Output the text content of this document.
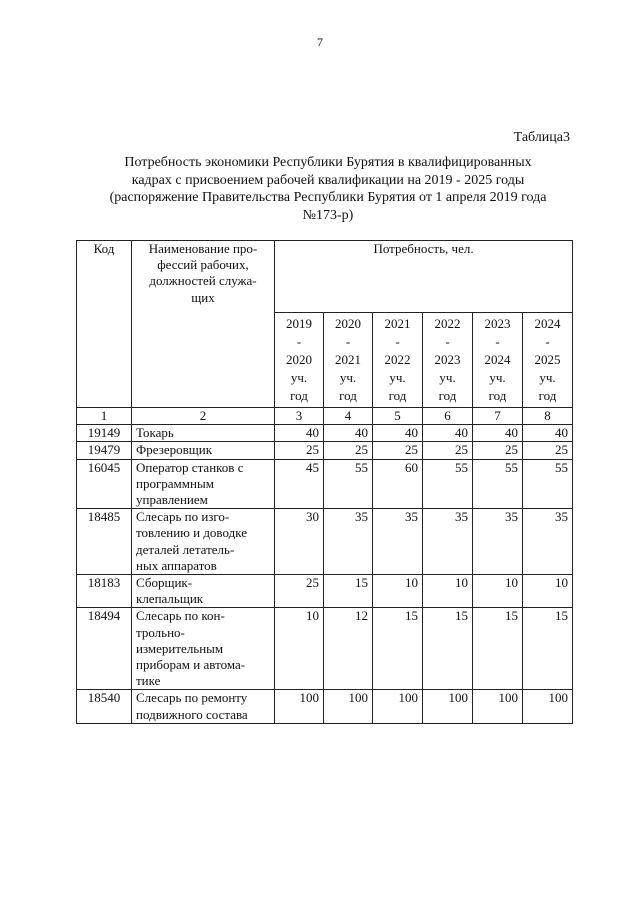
7
Таблица3
Потребность экономики Республики Бурятия в квалифицированных
кадрах с присвоением рабочей квалификации на 2019 - 2025 годы
(распоряжение Правительства Республики Бурятия от 1 апреля 2019 года
№173-р)
Код	Наименование про-
фессий рабочих,
должностей служа-
щих	Потребность, чел.					

		2019
-
2020
уч.
год	2020
-
2021
уч.
год	2021
-
2022
уч.
год	2022
-
2023
уч.
год	2023
-
2024
уч.
год	2024
-
2025
уч.
год

1	2	3	4	5	6	7	8
19149	Токарь	40	40	40	40	40	40
19479	Фрезеровщик	25	25	25	25	25	25
16045	Оператор станков с
программным
управлением	45	55	60	55	55	55
18485	Слесарь по изго-
товлению и доводке
деталей летатель-
ных аппаратов	30	35	35	35	35	35
18183	Сборщик-
клепальщик	25	15	10	10	10	10
18494	Слесарь по кон-
трольно-
измерительным
приборам и автома-
тике	10	12	15	15	15	15
18540	Слесарь по ремонту
подвижного состава	100	100	100	100	100	100
